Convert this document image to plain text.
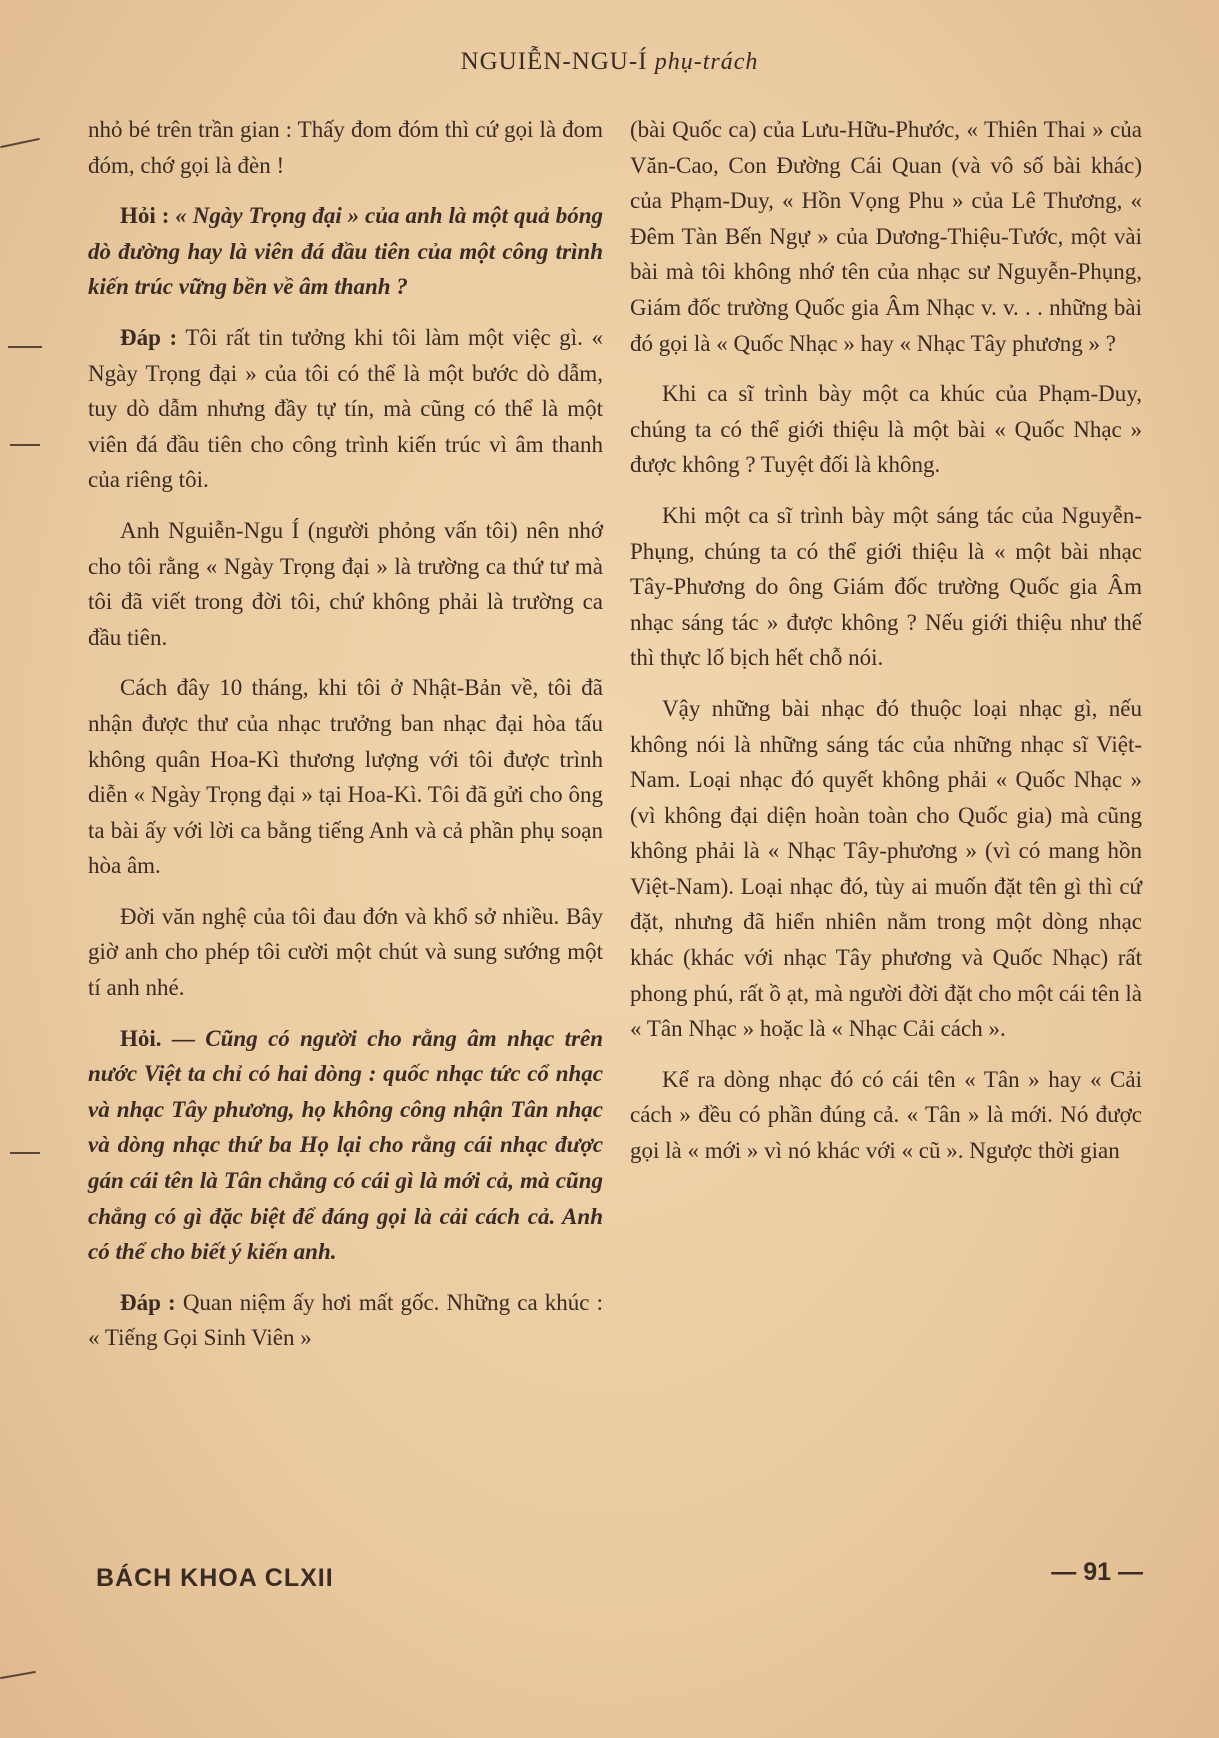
NGUIỄN-NGU-Í phụ-trách

nhỏ bé trên trần gian : Thấy đom đóm thì cứ gọi là đom đóm, chớ gọi là đèn !

Hỏi : « Ngày Trọng đại » của anh là một quả bóng dò đường hay là viên đá đầu tiên của một công trình kiến trúc vững bền về âm thanh ?

Đáp : Tôi rất tin tưởng khi tôi làm một việc gì. « Ngày Trọng đại » của tôi có thể là một bước dò dẫm, tuy dò dẫm nhưng đầy tự tín, mà cũng có thể là một viên đá đầu tiên cho công trình kiến trúc vì âm thanh của riêng tôi.

Anh Nguiễn-Ngu Í (người phỏng vấn tôi) nên nhớ cho tôi rằng « Ngày Trọng đại » là trường ca thứ tư mà tôi đã viết trong đời tôi, chứ không phải là trường ca đầu tiên.

Cách đây 10 tháng, khi tôi ở Nhật-Bản về, tôi đã nhận được thư của nhạc trưởng ban nhạc đại hòa tấu không quân Hoa-Kì thương lượng với tôi được trình diễn « Ngày Trọng đại » tại Hoa-Kì. Tôi đã gửi cho ông ta bài ấy với lời ca bằng tiếng Anh và cả phần phụ soạn hòa âm.

Đời văn nghệ của tôi đau đớn và khổ sở nhiều. Bây giờ anh cho phép tôi cười một chút và sung sướng một tí anh nhé.

Hỏi. — Cũng có người cho rằng âm nhạc trên nước Việt ta chỉ có hai dòng : quốc nhạc tức cổ nhạc và nhạc Tây phương, họ không công nhận Tân nhạc và dòng nhạc thứ ba Họ lại cho rằng cái nhạc được gán cái tên là Tân chẳng có cái gì là mới cả, mà cũng chẳng có gì đặc biệt để đáng gọi là cải cách cả. Anh có thể cho biết ý kiến anh.

Đáp : Quan niệm ấy hơi mất gốc. Những ca khúc : « Tiếng Gọi Sinh Viên »

(bài Quốc ca) của Lưu-Hữu-Phước, « Thiên Thai » của Văn-Cao, Con Đường Cái Quan (và vô số bài khác) của Phạm-Duy, « Hồn Vọng Phu » của Lê Thương, « Đêm Tàn Bến Ngự » của Dương-Thiệu-Tước, một vài bài mà tôi không nhớ tên của nhạc sư Nguyễn-Phụng, Giám đốc trường Quốc gia Âm Nhạc v. v. . . những bài đó gọi là « Quốc Nhạc » hay « Nhạc Tây phương » ?

Khi ca sĩ trình bày một ca khúc của Phạm-Duy, chúng ta có thể giới thiệu là một bài « Quốc Nhạc » được không ? Tuyệt đối là không.

Khi một ca sĩ trình bày một sáng tác của Nguyễn-Phụng, chúng ta có thể giới thiệu là « một bài nhạc Tây-Phương do ông Giám đốc trường Quốc gia Âm nhạc sáng tác » được không ? Nếu giới thiệu như thế thì thực lố bịch hết chỗ nói.

Vậy những bài nhạc đó thuộc loại nhạc gì, nếu không nói là những sáng tác của những nhạc sĩ Việt-Nam. Loại nhạc đó quyết không phải « Quốc Nhạc » (vì không đại diện hoàn toàn cho Quốc gia) mà cũng không phải là « Nhạc Tây-phương » (vì có mang hồn Việt-Nam). Loại nhạc đó, tùy ai muốn đặt tên gì thì cứ đặt, nhưng đã hiển nhiên nằm trong một dòng nhạc khác (khác với nhạc Tây phương và Quốc Nhạc) rất phong phú, rất ồ ạt, mà người đời đặt cho một cái tên là « Tân Nhạc » hoặc là « Nhạc Cải cách ».

Kể ra dòng nhạc đó có cái tên « Tân » hay « Cải cách » đều có phần đúng cả. « Tân » là mới. Nó được gọi là « mới » vì nó khác với « cũ ». Ngược thời gian

BÁCH KHOA CLXII	— 91 —
